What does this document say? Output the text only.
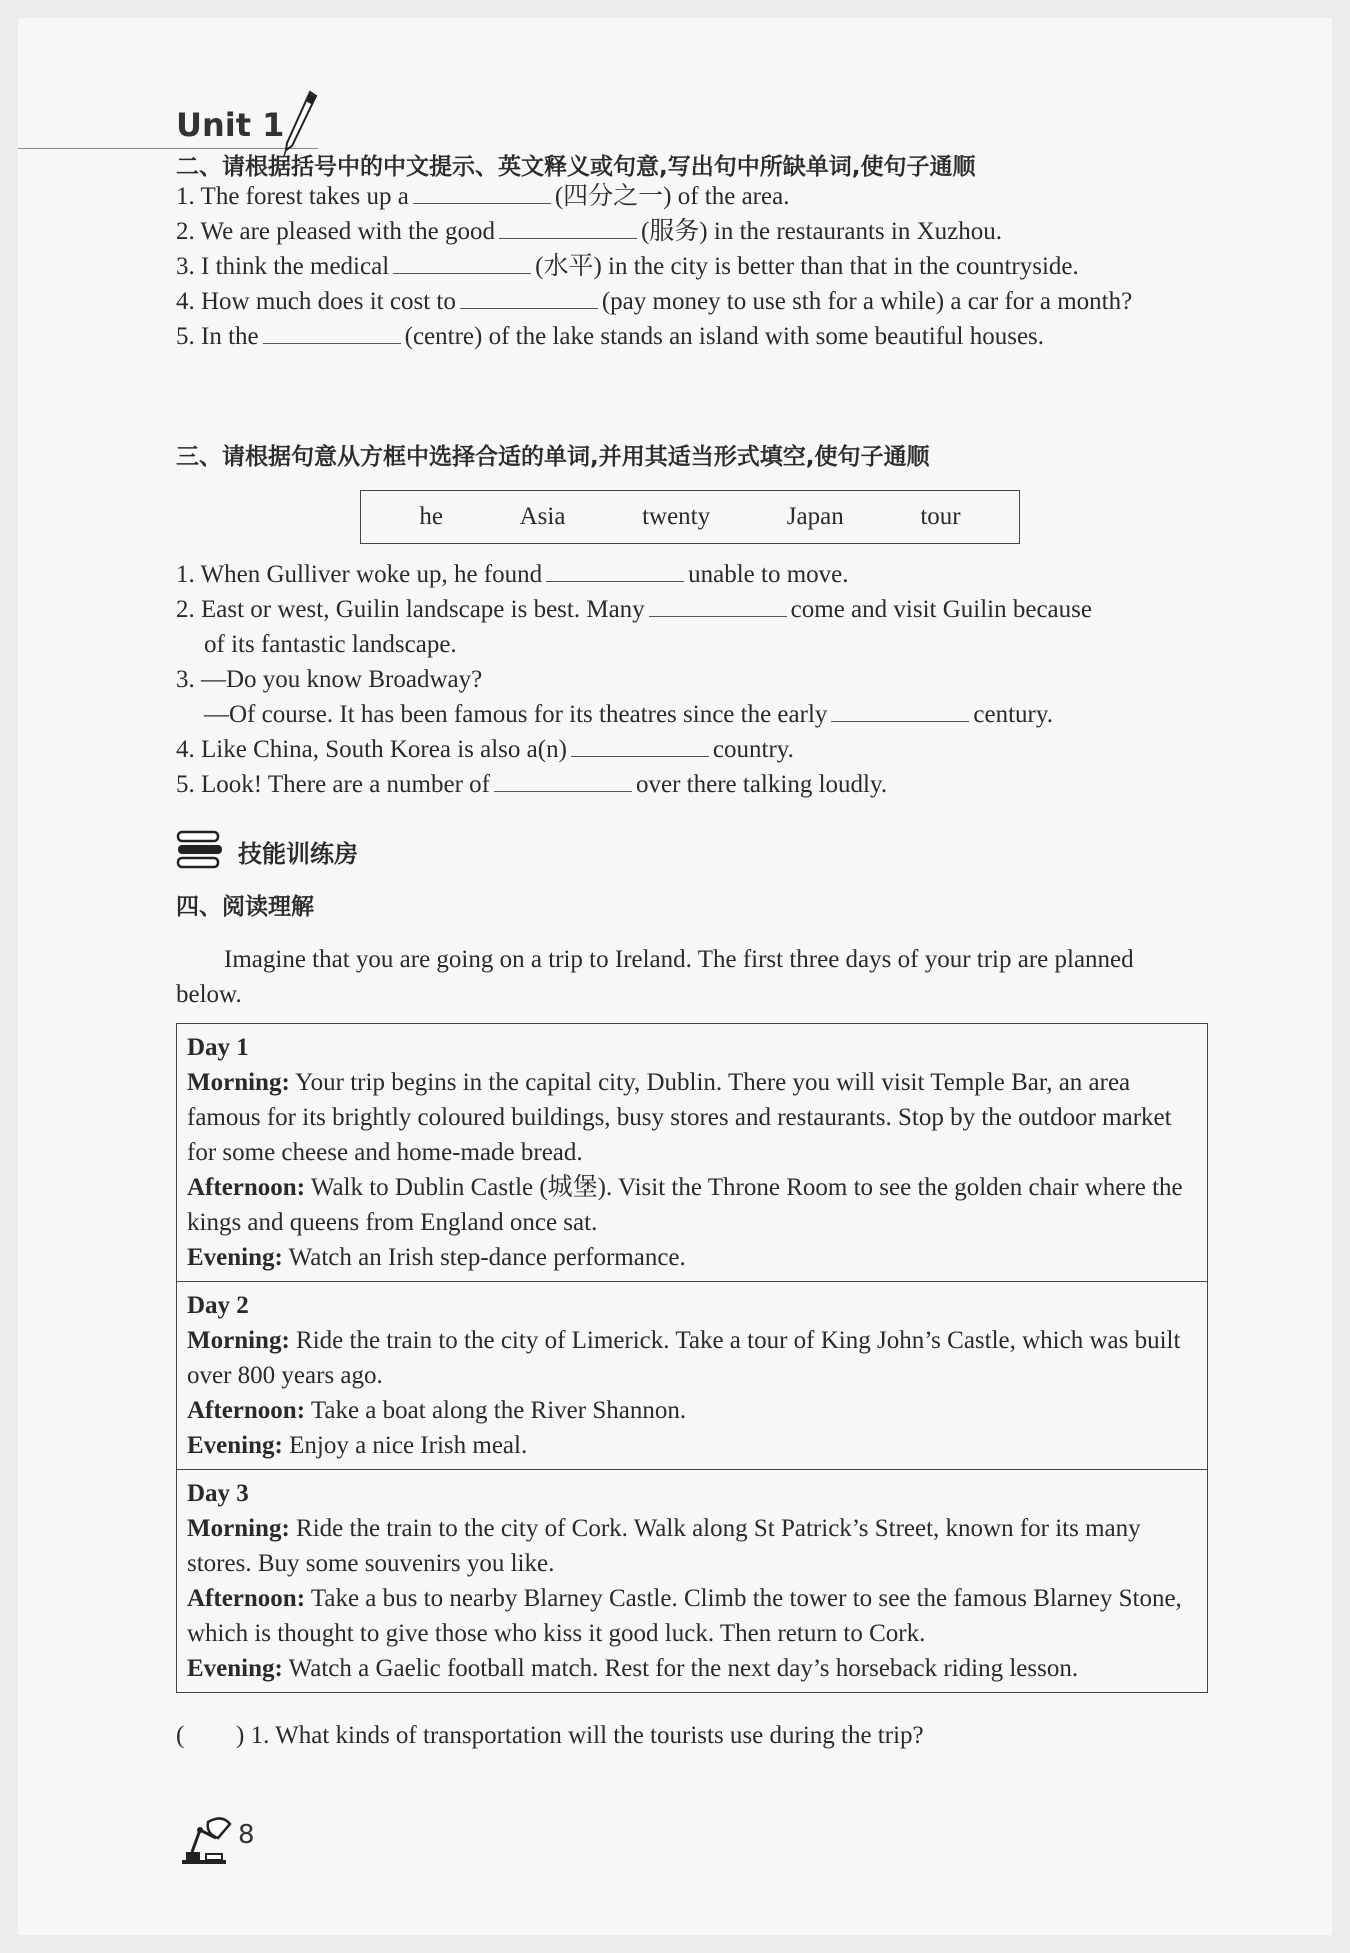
Unit 1
二、请根据括号中的中文提示、英文释义或句意,写出句中所缺单词,使句子通顺
1. The forest takes up a	(四分之一) of the area.
2. We are pleased with the good	(服务) in the restaurants in Xuzhou.
3. I think the medical	(水平) in the city is better than that in the countryside.
4. How much does it cost to	(pay money to use sth for a while) a car for a month?
5. In the	(centre) of the lake stands an island with some beautiful houses.
三、请根据句意从方框中选择合适的单词,并用其适当形式填空,使句子通顺
he	Asia	twenty	Japan	tour
1. When Gulliver woke up, he found	unable to move.
2. East or west, Guilin landscape is best. Many	come and visit Guilin because
of its fantastic landscape.
3. —Do you know Broadway?
—Of course. It has been famous for its theatres since the early	century.
4. Like China, South Korea is also a(n)	country.
5. Look! There are a number of	over there talking loudly.
技能训练房
四、阅读理解
Imagine that you are going on a trip to Ireland. The first three days of your trip are planned below.
Day 1
Morning: Your trip begins in the capital city, Dublin. There you will visit Temple Bar, an area famous for its brightly coloured buildings, busy stores and restaurants. Stop by the outdoor market for some cheese and home-made bread.
Afternoon: Walk to Dublin Castle (城堡). Visit the Throne Room to see the golden chair where the kings and queens from England once sat.
Evening: Watch an Irish step-dance performance.
Day 2
Morning: Ride the train to the city of Limerick. Take a tour of King John’s Castle, which was built over 800 years ago.
Afternoon: Take a boat along the River Shannon.
Evening: Enjoy a nice Irish meal.
Day 3
Morning: Ride the train to the city of Cork. Walk along St Patrick’s Street, known for its many stores. Buy some souvenirs you like.
Afternoon: Take a bus to nearby Blarney Castle. Climb the tower to see the famous Blarney Stone, which is thought to give those who kiss it good luck. Then return to Cork.
Evening: Watch a Gaelic football match. Rest for the next day’s horseback riding lesson.
( ) 1. What kinds of transportation will the tourists use during the trip?
8
